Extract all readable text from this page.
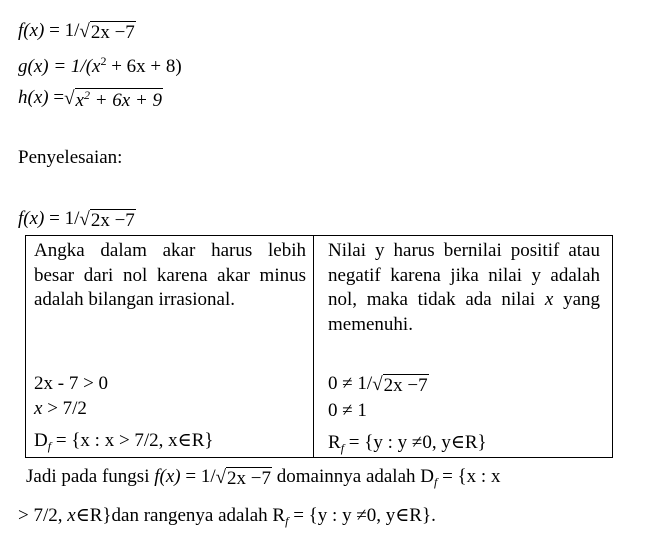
f(x) = 1/ √ 2x −7
$g(x) = 1/(x^2 + 6x + 8)$
h(x) = √ $x^2 + 6x + 9$
Penyelesaian:
f(x) = 1/ √ 2x −7
Angka dalam akar harus lebih besar dari nol karena akar minus adalah bilangan irrasional.
2x - 7 > 0
x > 7/2
$D_f = \{x$ : x > 7/2, x∈R}
Nilai y harus bernilai positif atau negatif karena jika nilai y adalah nol, maka tidak ada nilai x yang memenuhi.
0 ≠ 1/ √ 2x −7
0 ≠ 1
$R_f = \{y$ : y ≠0, y∈R}
Jadi pada fungsi f(x) = 1/ √ 2x −7 domainnya adalah $D_f = \{x$ : x
> 7/2, x∈R}dan rangenya adalah $R_f = \{y$ : y ≠0, y∈R}.
